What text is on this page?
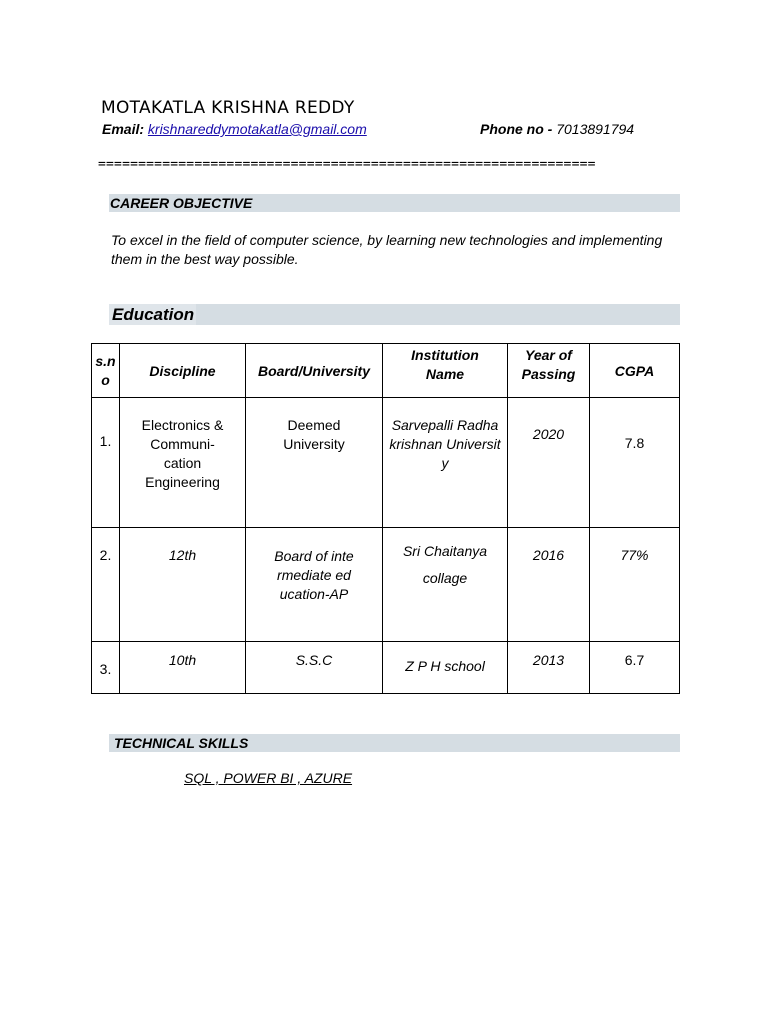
MOTAKATLA KRISHNA REDDY
Email: krishnareddymotakatla@gmail.com	Phone no - 7013891794
==============================================================
CAREER OBJECTIVE
To excel in the field of computer science, by learning new technologies and implementing them in the best way possible.
Education
s.no	Discipline	Board/University	Institution Name	Year of Passing	CGPA
1.	Electronics & Communi-cation Engineering	Deemed University	Sarvepalli Radhakrishnan University	2020	7.8
2.	12th	Board of intermediate education-AP	Sri Chaitanya collage	2016	77%
3.	10th	S.S.C	Z P H school	2013	6.7
TECHNICAL SKILLS
SQL , POWER BI , AZURE
